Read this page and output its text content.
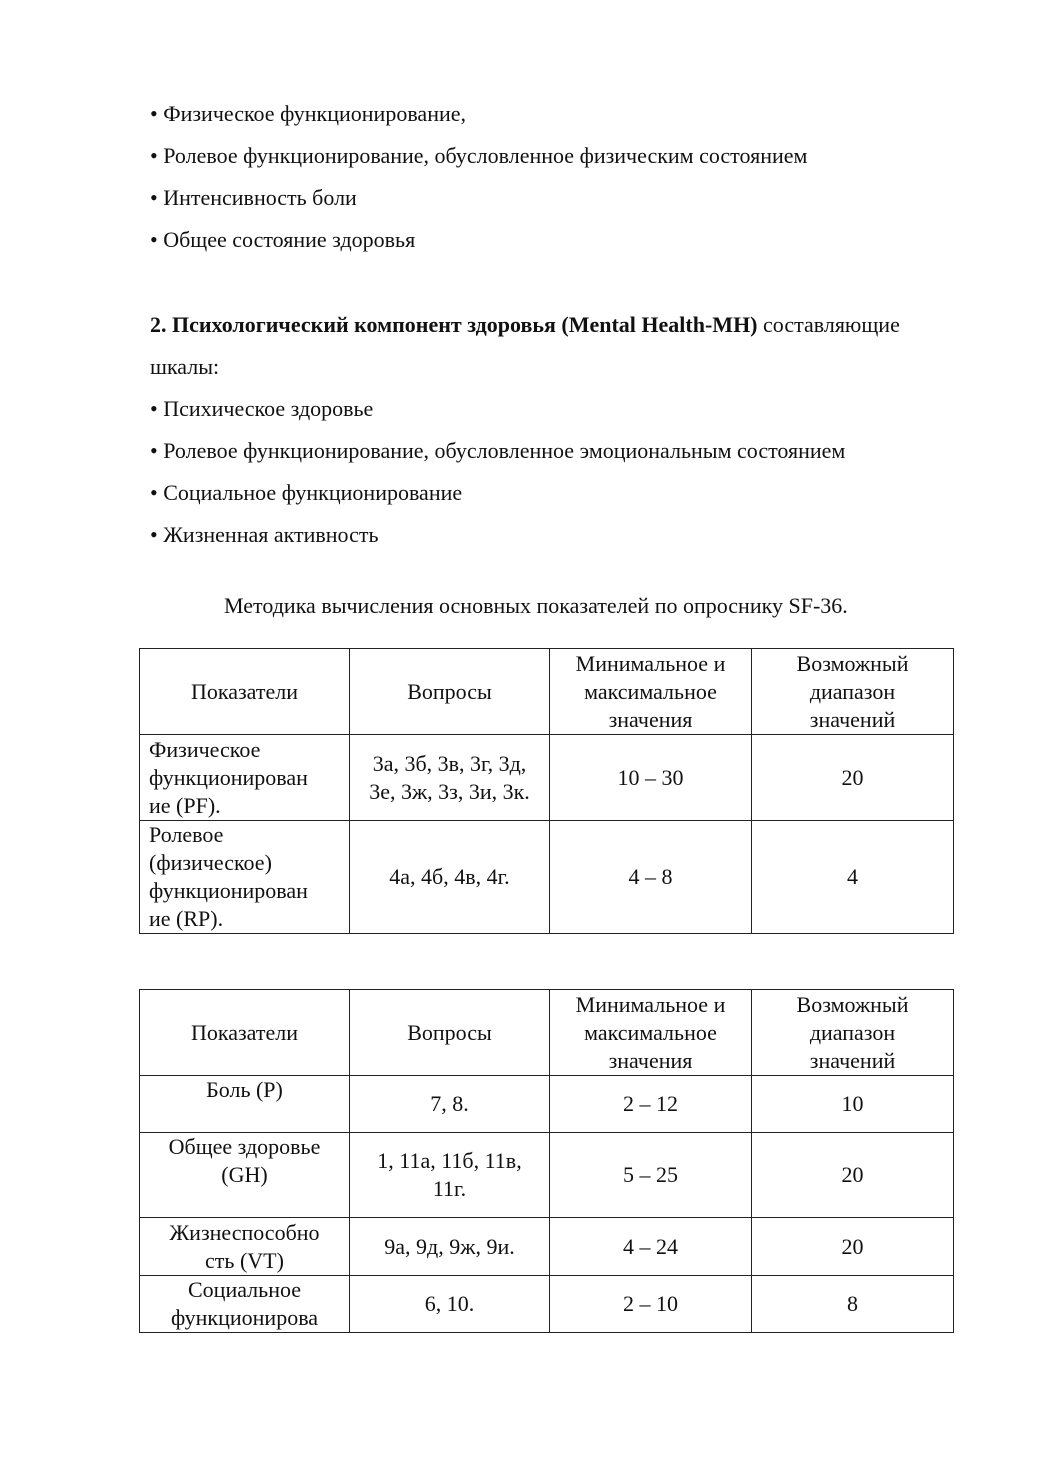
• Физическое функционирование,
• Ролевое функционирование, обусловленное физическим состоянием
• Интенсивность боли
• Общее состояние здоровья
2. Психологический компонент здоровья (Mental Health-MH) составляющие
шкалы:
• Психическое здоровье
• Ролевое функционирование, обусловленное эмоциональным состоянием
• Социальное функционирование
• Жизненная активность
Методика вычисления основных показателей по опроснику SF-36.
Показатели	Вопросы	Минимальное и
максимальное
значения	Возможный
диапазон
значений
Физическое
функционирован
ие (PF).	3а, 3б, 3в, 3г, 3д,
3е, 3ж, 3з, 3и, 3к.	10 – 30	20
Ролевое
(физическое)
функционирован
ие (RP).	4а, 4б, 4в, 4г.	4 – 8	4
Показатели	Вопросы	Минимальное и
максимальное
значения	Возможный
диапазон
значений
Боль (P)	7, 8.	2 – 12	10
Общее здоровье
(GH)	1, 11а, 11б, 11в,
11г.	5 – 25	20
Жизнеспособно
сть (VT)	9а, 9д, 9ж, 9и.	4 – 24	20
Социальное
функционирова	6, 10.	2 – 10	8
